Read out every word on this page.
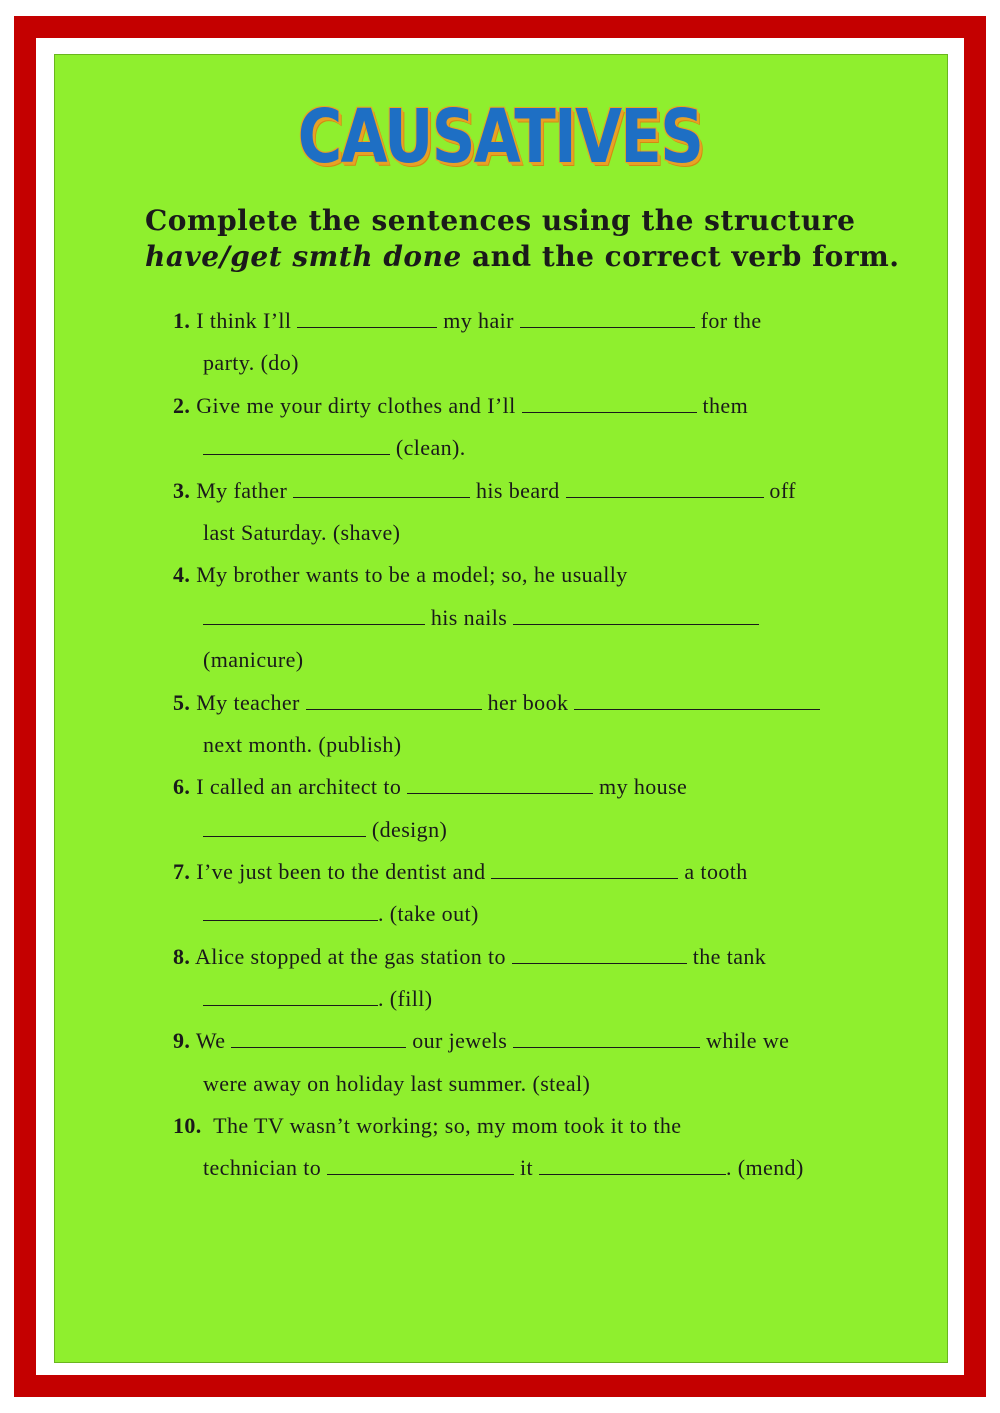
CAUSATIVES
Complete the sentences using the structure
have/get smth done and the correct verb form.
1. I think I’ll	my hair	for the
party. (do)
2. Give me your dirty clothes and I’ll	them
(clean).
3. My father	his beard	off
last Saturday. (shave)
4. My brother wants to be a model; so, he usually
his nails
(manicure)
5. My teacher	her book
next month. (publish)
6. I called an architect to	my house
(design)
7. I’ve just been to the dentist and	a tooth
. (take out)
8. Alice stopped at the gas station to	the tank
. (fill)
9. We	our jewels	while we
were away on holiday last summer. (steal)
10.  The TV wasn’t working; so, my mom took it to the
technician to	it	. (mend)
